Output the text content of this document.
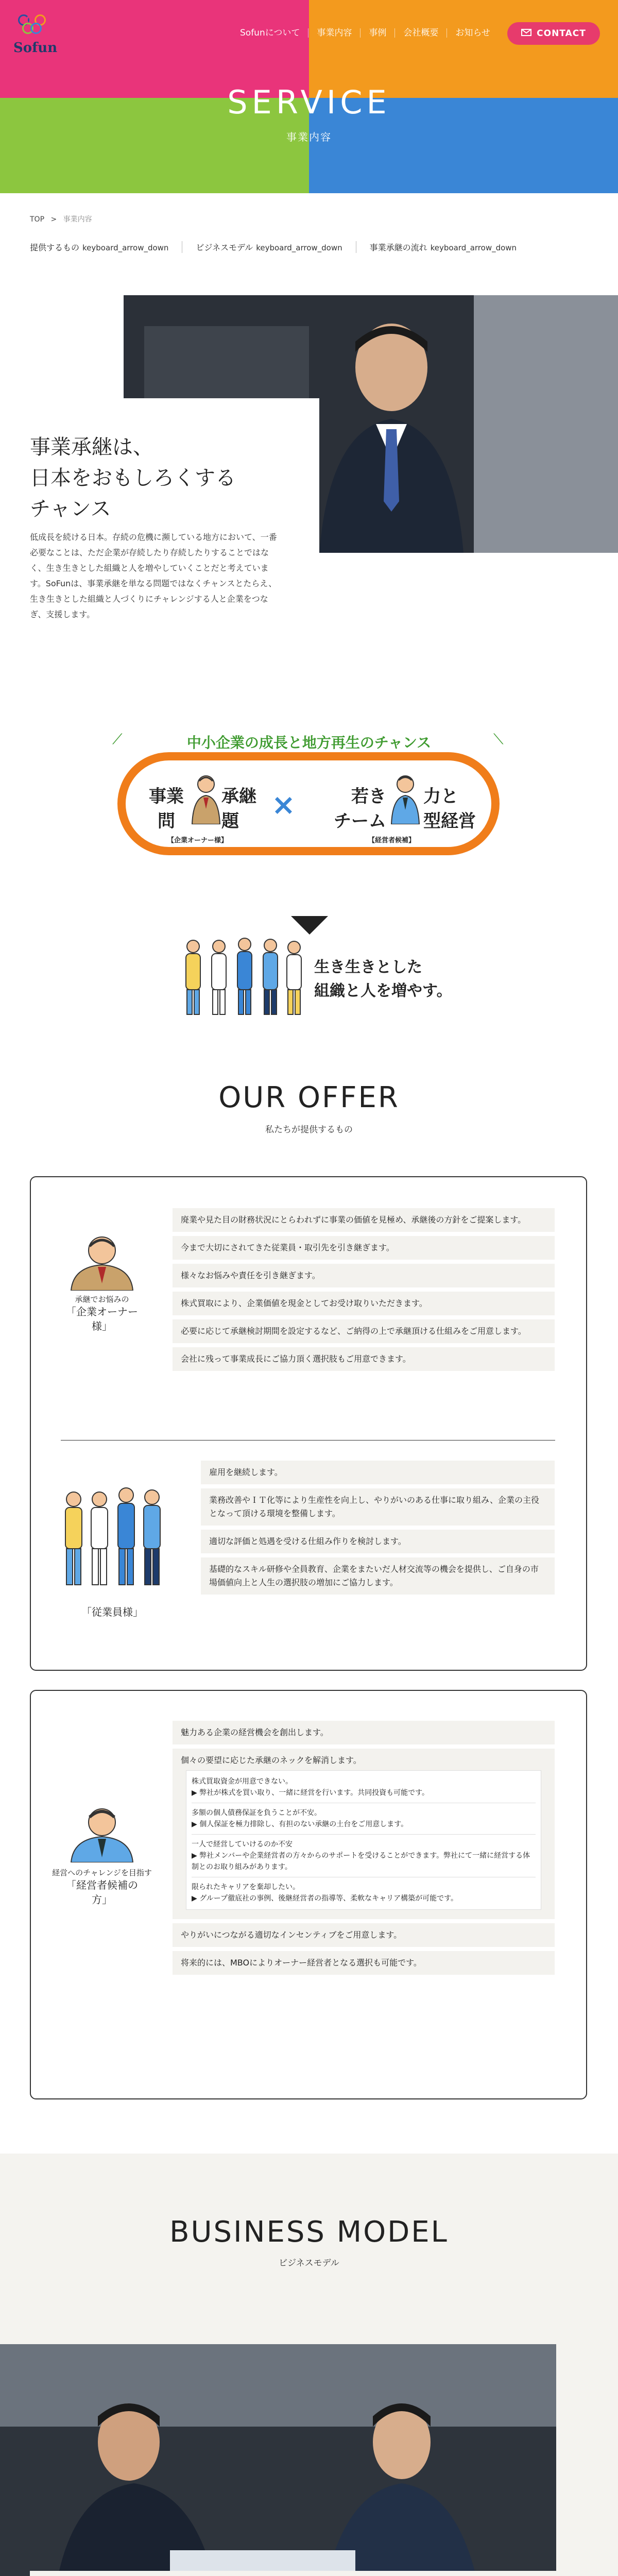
Sofun
Sofunについて	事業内容	事例	会社概要	お知らせ	CONTACT
SERVICE
事業内容
TOP > 事業内容
提供するもの keyboard_arrow_down	ビジネスモデル keyboard_arrow_down	事業承継の流れ keyboard_arrow_down
事業承継は、
日本をおもしろくする
チャンス
低成長を続ける日本。存続の危機に瀕している地方において、一番必要なことは、ただ企業が存続したり存続したりすることではなく、生き生きとした組織と人を増やしていくことだと考えています。SoFunは、事業承継を単なる問題ではなくチャンスとたらえ、生き生きとした組織と人づくりにチャレンジする人と企業をつなぎ、支援します。
中小企業の成長と地方再生のチャンス
⟋	⟍
事業
問
承継
題
【企業オーナー様】
×	若き
チーム
力と
型経営
【経営者候補】
生き生きとした
組織と人を増やす。
OUR OFFER
私たちが提供するもの
承継でお悩みの
「企業オーナー
様」
廃業や見た目の財務状況にとらわれずに事業の価値を見極め、承継後の方針をご提案します。
今まで大切にされてきた従業員・取引先を引き継ぎます。
様々なお悩みや責任を引き継ぎます。
株式買取により、企業価値を現金としてお受け取りいただきます。
必要に応じて承継検討期間を設定するなど、ご納得の上で承継頂ける仕組みをご用意します。
会社に残って事業成長にご協力頂く選択肢もご用意できます。
「従業員様」
雇用を継続します。
業務改善やＩＴ化等により生産性を向上し、やりがいのある仕事に取り組み、企業の主役となって頂ける環境を整備します。
適切な評価と処遇を受ける仕組み作りを検討します。
基礎的なスキル研修や全員教育、企業をまたいだ人材交流等の機会を提供し、ご自身の市場価値向上と人生の選択肢の増加にご協力します。
経営へのチャレンジを目指す
「経営者候補の
方」
魅力ある企業の経営機会を創出します。
個々の要望に応じた承継のネックを解消します。
株式買取資金が用意できない。
▶ 弊社が株式を買い取り、一緒に経営を行います。共同投資も可能です。
多額の個人債務保証を負うことが不安。
▶ 個人保証を極力排除し、有担のない承継の土台をご用意します。
一人で経営していけるのか不安
▶ 弊社メンバーや企業経営者の方々からのサポートを受けることができます。弊社にて一緒に経営する体制とのお取り組みがあります。
限られたキャリアを棄却したい。
▶ グループ徹底社の事例、後継経営者の指導等、柔軟なキャリア構築が可能です。
やりがいにつながる適切なインセンティブをご用意します。
将来的には、MBOによりオーナー経営者となる選択も可能です。
BUSINESS MODEL
ビジネスモデル
